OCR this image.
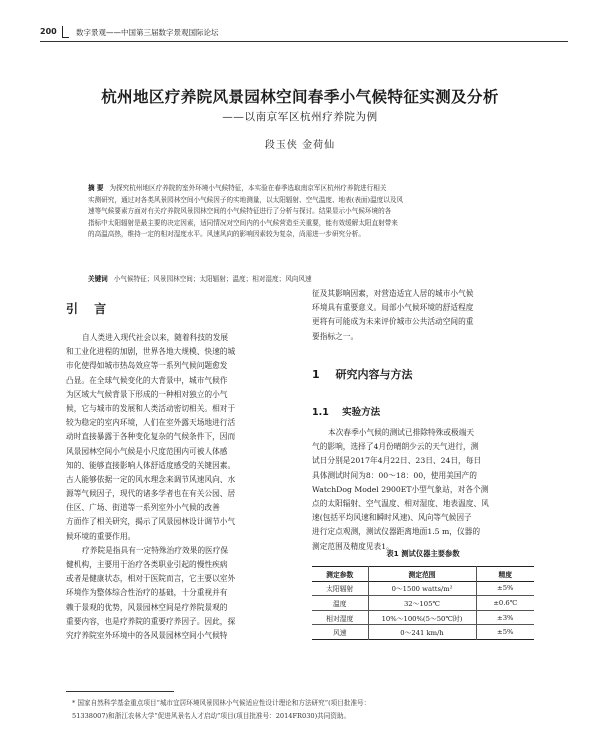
200	数字景观——中国第三届数字景观国际论坛
杭州地区疗养院风景园林空间春季小气候特征实测及分析
——以南京军区杭州疗养院为例
段玉侠 金荷仙
摘 要 为探究杭州地区疗养院的室外环境小气候特征，本实验在春季选取南京军区杭州疗养院进行相关
实测研究，通过对各类风景园林空间小气候因子的实地测量，以太阳辐射、空气温度、地表(表面)温度以及风
速等气候要素方面对有关疗养院风景园林空间的小气候特征进行了分析与探讨。结果显示小气候环境的各
指标中太阳辐射是最主要的决定因素，适同情况对空间内的小气候营造至关重要，能有效缓解太阳直射带来
的高温高热，维持一定的相对湿度水平。风速风向的影响因素较为复杂，尚需进一步研究分析。
关键词 小气候特征；风景园林空间；太阳辐射；温度；相对湿度；风向风速
引 言
自人类进入现代社会以来，随着科技的发展
和工业化进程的加剧，世界各地大规模、快速的城
市化使得如城市热岛效应等一系列气候问题愈发
凸显。在全球气候变化的大背景中，城市气候作
为区域大气候背景下形成的一种相对独立的小气
候，它与城市的发展和人类活动密切相关。相对于
较为稳定的室内环境，人们在室外露天场地进行活
动时直接暴露于各种变化复杂的气候条件下，因而
风景园林空间小气候是小尺度范围内可被人体感
知的、能够直接影响人体舒适度感受的关键因素。
古人能够依据一定的风水理念来调节风速风向、水
源等气候因子，现代的诸多学者也在有关公园、居
住区、广场、街道等一系列室外小气候的改善
方面作了相关研究，揭示了风景园林设计调节小气
候环境的重要作用。
疗养院是指具有一定特殊治疗效果的医疗保
健机构，主要用于治疗各类职业引起的慢性疾病
或者是健康状态，相对于医院而言，它主要以室外
环境作为整体综合性治疗的基础，十分重视并有
赖于景观的优势，风景园林空间是疗养院景观的
重要内容，也是疗养院的重要疗养因子。因此，探
究疗养院室外环境中的各风景园林空间小气候特
征及其影响因素，对营造适宜人居的城市小气候
环境具有重要意义。局部小气候环境的舒适程度
更将有可能成为未来评价城市公共活动空间的重
要指标之一。
1 研究内容与方法
1.1 实验方法
本次春季小气候的测试已排除特殊或极端天
气的影响，选择了4月份晴朗少云的天气进行，测
试日分别是2017年4月22日、23日、24日，每日
具体测试时间为8：00～18：00，使用美国产的
WatchDog Model 2900ET小型气象站，对各个测
点的太阳辐射、空气温度、相对湿度、地表温度、风
速(包括平均风速和瞬时风速)、风向等气候因子
进行定点观测，测试仪器距离地面1.5 m，仪器的
测定范围及精度见表1。
表1 测试仪器主要参数
测定参数	测定范围	精度
太阳辐射	0～1500 watts/m²	±5%
温度	32～105℃	±0.6℃
相对湿度	10%～100%(5～50℃时)	±3%
风速	0～241 km/h	±5%
* 国家自然科学基金重点项目“城市宜居环境风景园林小气候适应性设计理论和方法研究”(项目批准号：
51338007)和浙江农林大学“促进风景名人才启动”项目(项目批准号：2014FR030)共同资助。
